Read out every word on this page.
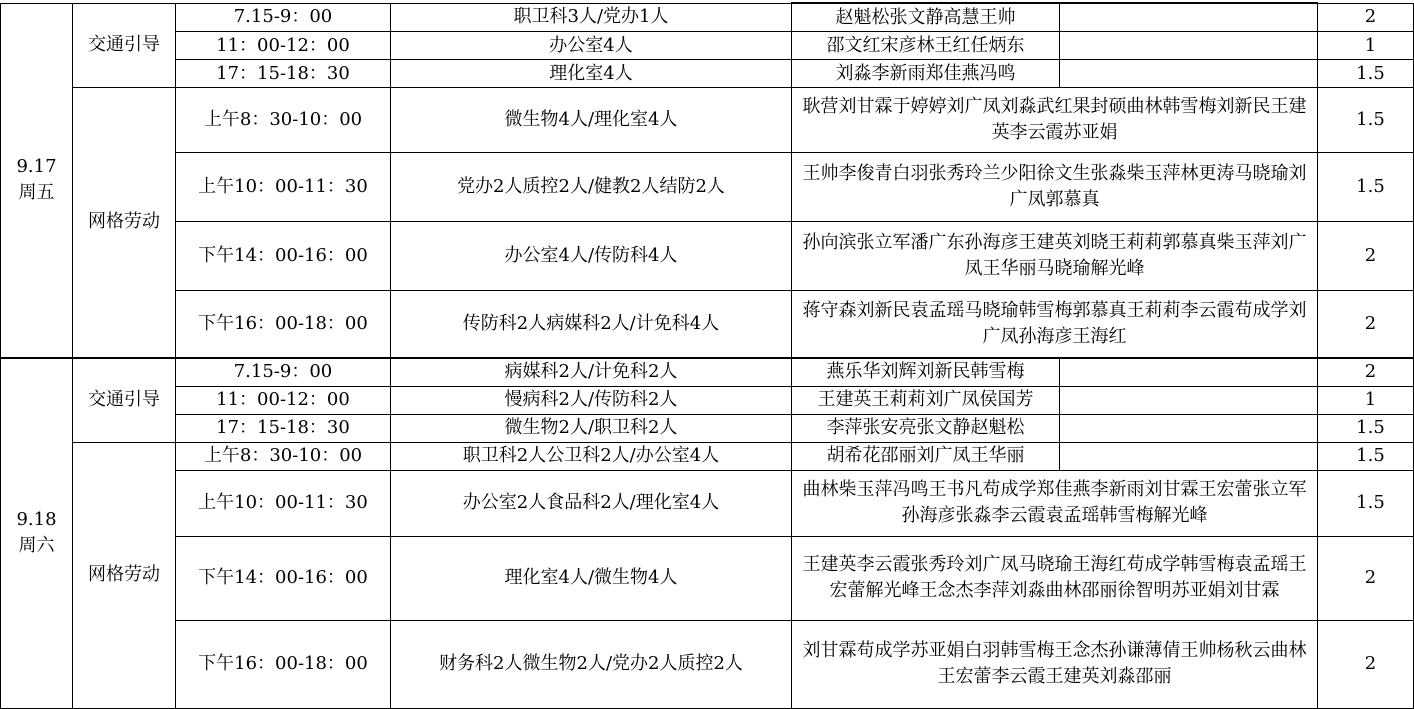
9.17
周五	交通引导	7.15-9：00	职卫科3人/党办1人	赵魁松张文静高慧王帅		2
		11：00-12：00	办公室4人	邵文红宋彦林王红任炳东		1
		17：15-18：30	理化室4人	刘淼李新雨郑佳燕冯鸣		1.5
	网格劳动	上午8：30-10：00	微生物4人/理化室4人	耿营刘甘霖于婷婷刘广凤刘淼武红果封硕曲林韩雪梅刘新民王建英李云霞苏亚娟		1.5
		上午10：00-11：30	党办2人质控2人/健教2人结防2人	王帅李俊青白羽张秀玲兰少阳徐文生张淼柴玉萍林更涛马晓瑜刘广凤郭慕真		1.5
		下午14：00-16：00	办公室4人/传防科4人	孙向滨张立军潘广东孙海彦王建英刘晓王莉莉郭慕真柴玉萍刘广凤王华丽马晓瑜解光峰		2
		下午16：00-18：00	传防科2人病媒科2人/计免科4人	蒋守森刘新民袁孟瑶马晓瑜韩雪梅郭慕真王莉莉李云霞苟成学刘广凤孙海彦王海红		2
9.18
周六	交通引导	7.15-9：00	病媒科2人/计免科2人	燕乐华刘辉刘新民韩雪梅		2
		11：00-12：00	慢病科2人/传防科2人	王建英王莉莉刘广凤侯国芳		1
		17：15-18：30	微生物2人/职卫科2人	李萍张安亮张文静赵魁松		1.5
	网格劳动	上午8：30-10：00	职卫科2人公卫科2人/办公室4人	胡希花邵丽刘广凤王华丽		1.5
		上午10：00-11：30	办公室2人食品科2人/理化室4人	曲林柴玉萍冯鸣王书凡苟成学郑佳燕李新雨刘甘霖王宏蕾张立军孙海彦张淼李云霞袁孟瑶韩雪梅解光峰		1.5
		下午14：00-16：00	理化室4人/微生物4人	王建英李云霞张秀玲刘广凤马晓瑜王海红苟成学韩雪梅袁孟瑶王宏蕾解光峰王念杰李萍刘淼曲林邵丽徐智明苏亚娟刘甘霖		2
		下午16：00-18：00	财务科2人微生物2人/党办2人质控2人	刘甘霖苟成学苏亚娟白羽韩雪梅王念杰孙谦薄倩王帅杨秋云曲林王宏蕾李云霞王建英刘淼邵丽		2
